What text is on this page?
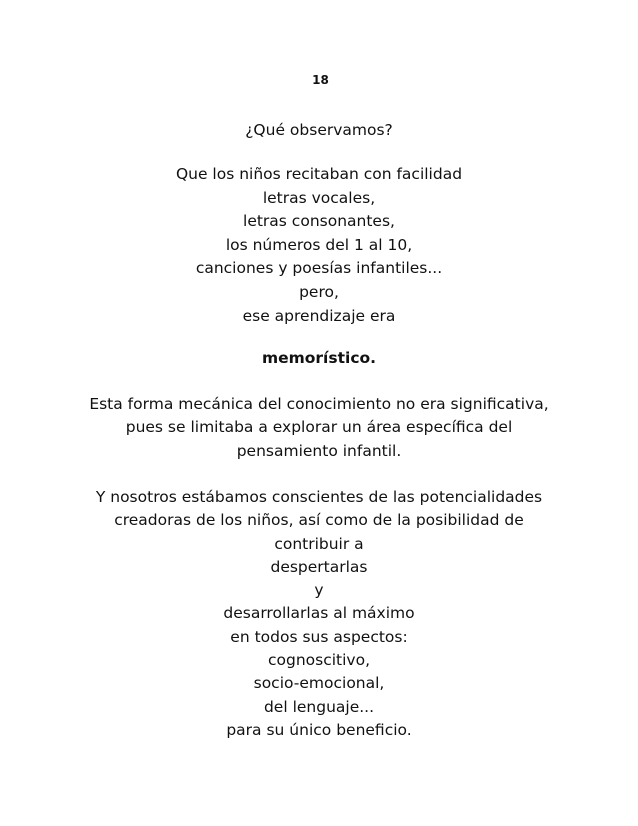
18
¿Qué observamos?
Que los niños recitaban con facilidad
letras vocales,
letras consonantes,
los números del 1 al 10,
canciones y poesías infantiles...
pero,
ese aprendizaje era
memorístico.
Esta forma mecánica del conocimiento no era significativa,
pues se limitaba a explorar un área específica del
pensamiento infantil.
Y nosotros estábamos conscientes de las potencialidades
creadoras de los niños, así como de la posibilidad de
contribuir a
despertarlas
y
desarrollarlas al máximo
en todos sus aspectos:
cognoscitivo,
socio-emocional,
del lenguaje...
para su único beneficio.
